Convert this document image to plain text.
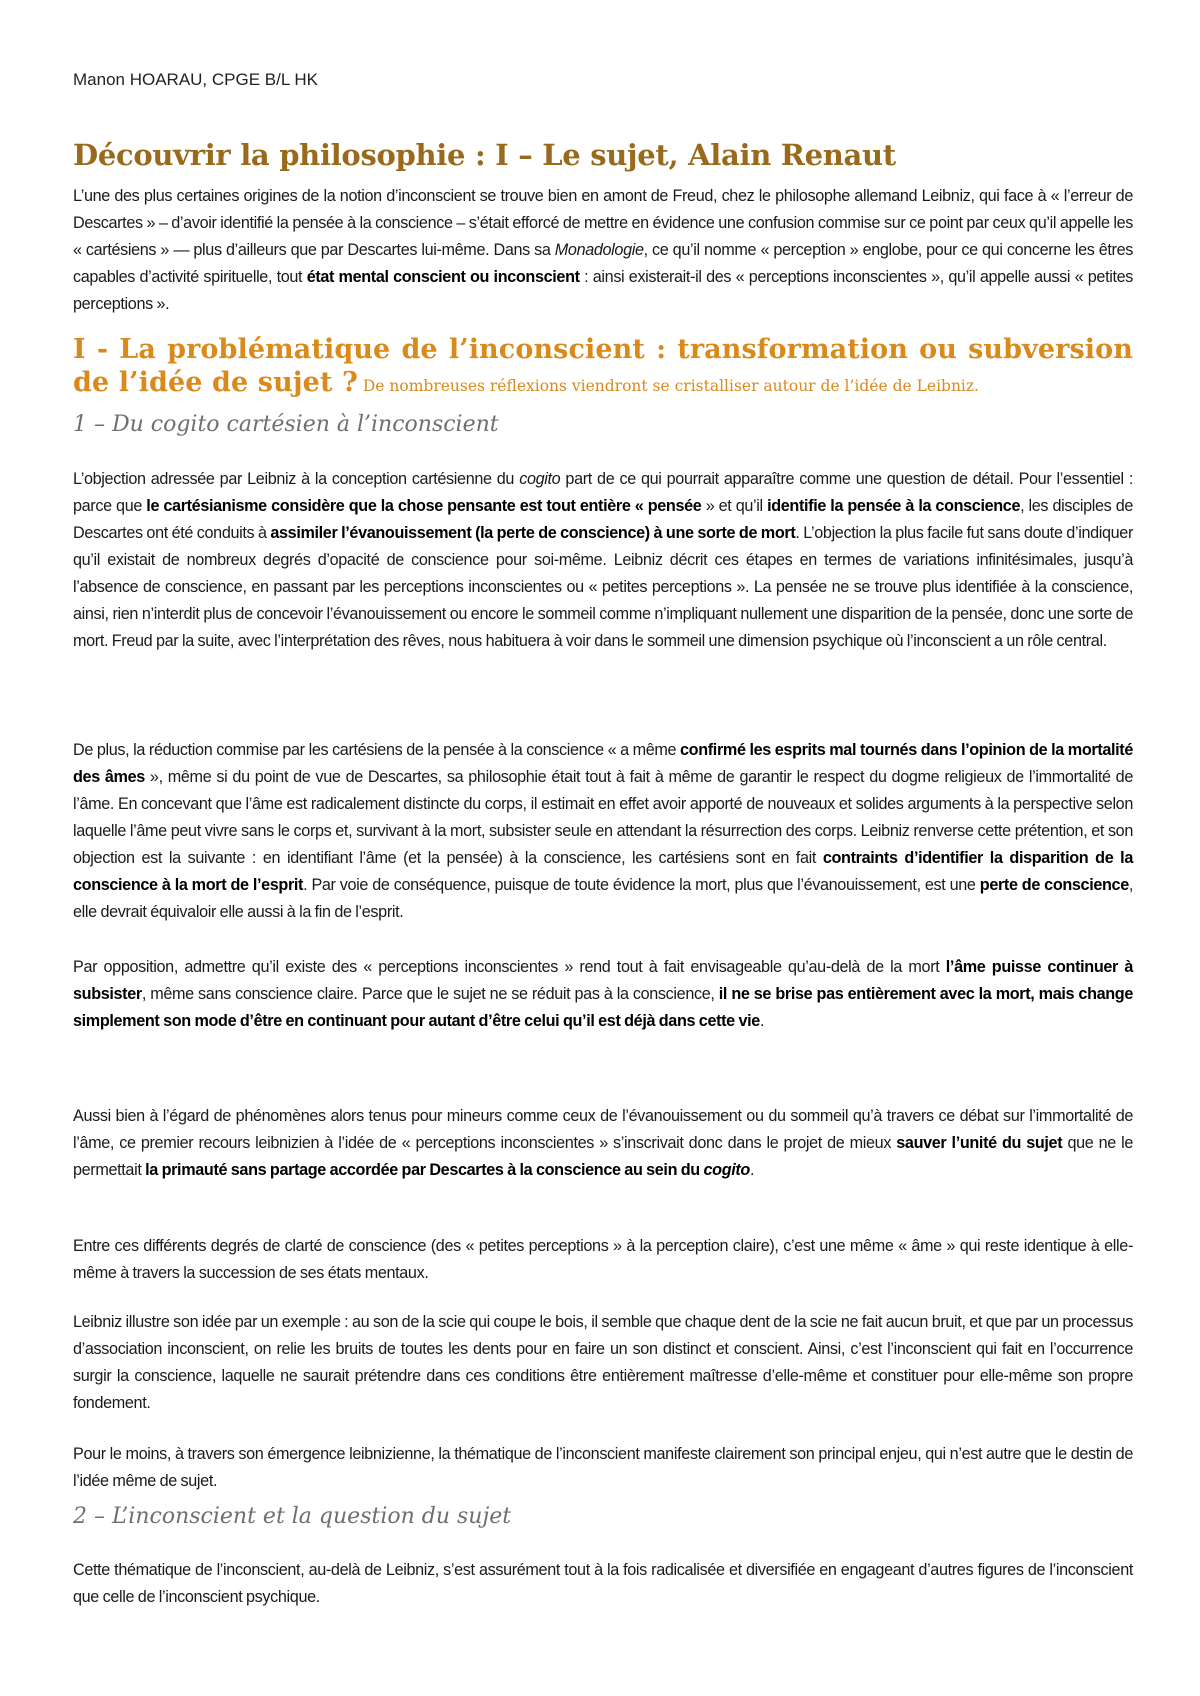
Manon HOARAU, CPGE B/L HK
Découvrir la philosophie : I – Le sujet, Alain Renaut

L’une des plus certaines origines de la notion d’inconscient se trouve bien en amont de Freud, chez le philosophe allemand Leibniz, qui face à « l’erreur de Descartes » – d’avoir identifié la pensée à la conscience – s’était efforcé de mettre en évidence une confusion commise sur ce point par ceux qu’il appelle les « cartésiens » — plus d’ailleurs que par Descartes lui-même. Dans sa Monadologie, ce qu’il nomme « perception » englobe, pour ce qui concerne les êtres capables d’activité spirituelle, tout état mental conscient ou inconscient : ainsi existerait-il des « perceptions inconscientes », qu’il appelle aussi « petites perceptions ».

I - La problématique de l’inconscient : transformation ou subversion de l’idée de sujet ? De nombreuses réflexions viendront se cristalliser autour de l’idée de Leibniz.
1 – Du cogito cartésien à l’inconscient

L’objection adressée par Leibniz à la conception cartésienne du cogito part de ce qui pourrait apparaître comme une question de détail. Pour l’essentiel : parce que le cartésianisme considère que la chose pensante est tout entière « pensée » et qu’il identifie la pensée à la conscience, les disciples de Descartes ont été conduits à assimiler l’évanouissement (la perte de conscience) à une sorte de mort. L’objection la plus facile fut sans doute d’indiquer qu’il existait de nombreux degrés d’opacité de conscience pour soi-même. Leibniz décrit ces étapes en termes de variations infinitésimales, jusqu’à l’absence de conscience, en passant par les perceptions inconscientes ou « petites perceptions ». La pensée ne se trouve plus identifiée à la conscience, ainsi, rien n’interdit plus de concevoir l’évanouissement ou encore le sommeil comme n’impliquant nullement une disparition de la pensée, donc une sorte de mort. Freud par la suite, avec l’interprétation des rêves, nous habituera à voir dans le sommeil une dimension psychique où l’inconscient a un rôle central.

De plus, la réduction commise par les cartésiens de la pensée à la conscience « a même confirmé les esprits mal tournés dans l’opinion de la mortalité des âmes », même si du point de vue de Descartes, sa philosophie était tout à fait à même de garantir le respect du dogme religieux de l’immortalité de l’âme. En concevant que l’âme est radicalement distincte du corps, il estimait en effet avoir apporté de nouveaux et solides arguments à la perspective selon laquelle l’âme peut vivre sans le corps et, survivant à la mort, subsister seule en attendant la résurrection des corps. Leibniz renverse cette prétention, et son objection est la suivante : en identifiant l’âme (et la pensée) à la conscience, les cartésiens sont en fait contraints d’identifier la disparition de la conscience à la mort de l’esprit. Par voie de conséquence, puisque de toute évidence la mort, plus que l’évanouissement, est une perte de conscience, elle devrait équivaloir elle aussi à la fin de l’esprit.

Par opposition, admettre qu’il existe des « perceptions inconscientes » rend tout à fait envisageable qu’au-delà de la mort l’âme puisse continuer à subsister, même sans conscience claire. Parce que le sujet ne se réduit pas à la conscience, il ne se brise pas entièrement avec la mort, mais change simplement son mode d’être en continuant pour autant d’être celui qu’il est déjà dans cette vie.

Aussi bien à l’égard de phénomènes alors tenus pour mineurs comme ceux de l’évanouissement ou du sommeil qu’à travers ce débat sur l’immortalité de l’âme, ce premier recours leibnizien à l’idée de « perceptions inconscientes » s’inscrivait donc dans le projet de mieux sauver l’unité du sujet que ne le permettait la primauté sans partage accordée par Descartes à la conscience au sein du cogito.

Entre ces différents degrés de clarté de conscience (des « petites perceptions » à la perception claire), c’est une même « âme » qui reste identique à elle-même à travers la succession de ses états mentaux.

Leibniz illustre son idée par un exemple : au son de la scie qui coupe le bois, il semble que chaque dent de la scie ne fait aucun bruit, et que par un processus d’association inconscient, on relie les bruits de toutes les dents pour en faire un son distinct et conscient. Ainsi, c’est l’inconscient qui fait en l’occurrence surgir la conscience, laquelle ne saurait prétendre dans ces conditions être entièrement maîtresse d’elle-même et constituer pour elle-même son propre fondement.

Pour le moins, à travers son émergence leibnizienne, la thématique de l’inconscient manifeste clairement son principal enjeu, qui n’est autre que le destin de l’idée même de sujet.

2 – L’inconscient et la question du sujet

Cette thématique de l’inconscient, au-delà de Leibniz, s’est assurément tout à la fois radicalisée et diversifiée en engageant d’autres figures de l’inconscient que celle de l’inconscient psychique.
